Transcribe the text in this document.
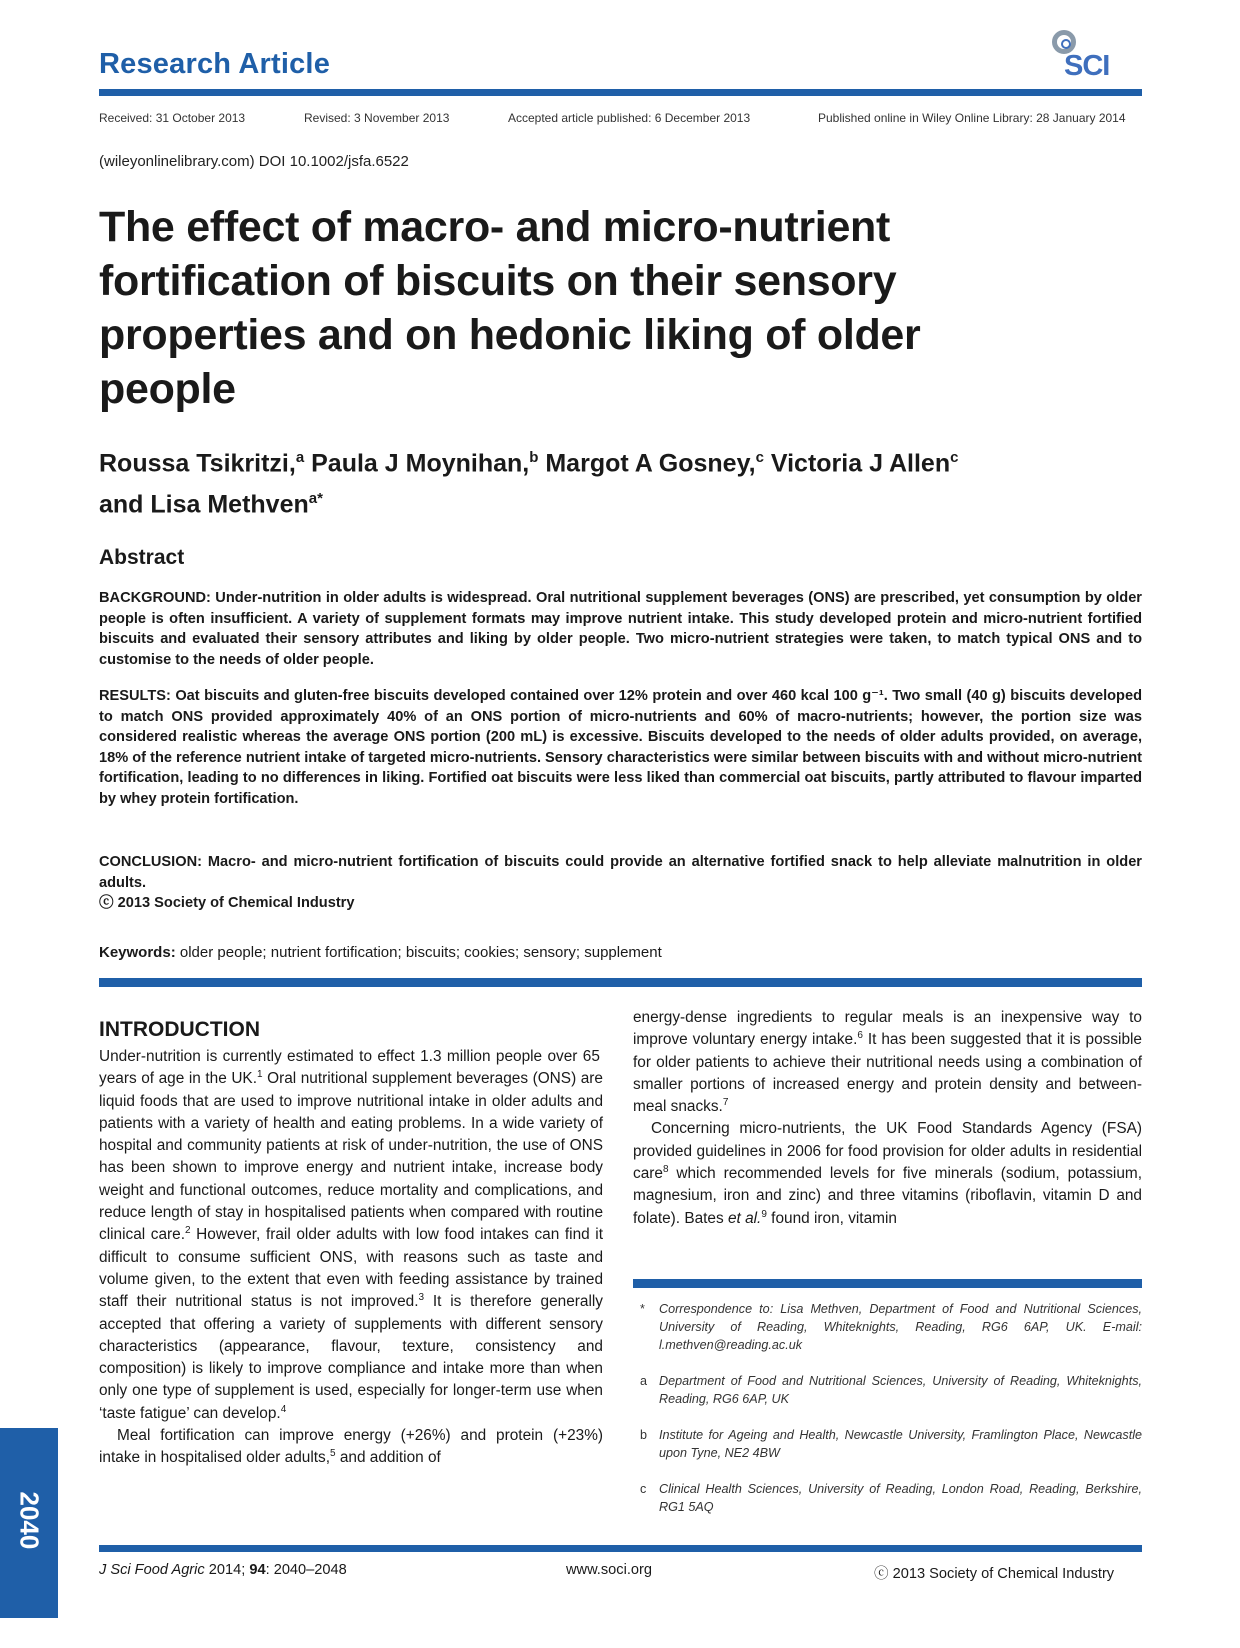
Research Article	SCI
Received: 31 October 2013	Revised: 3 November 2013	Accepted article published: 6 December 2013	Published online in Wiley Online Library: 28 January 2014
(wileyonlinelibrary.com) DOI 10.1002/jsfa.6522
The effect of macro- and micro-nutrient fortification of biscuits on their sensory properties and on hedonic liking of older people
Roussa Tsikritzi,$^a$ Paula J Moynihan,$^b$ Margot A Gosney,$^c$ Victoria J Allen$^c$
and Lisa Methven$^{a*}$
Abstract

BACKGROUND: Under-nutrition in older adults is widespread. Oral nutritional supplement beverages (ONS) are prescribed, yet consumption by older people is often insufficient. A variety of supplement formats may improve nutrient intake. This study developed protein and micro-nutrient fortified biscuits and evaluated their sensory attributes and liking by older people. Two micro-nutrient strategies were taken, to match typical ONS and to customise to the needs of older people.

RESULTS: Oat biscuits and gluten-free biscuits developed contained over 12% protein and over 460 kcal 100 g⁻¹. Two small (40 g) biscuits developed to match ONS provided approximately 40% of an ONS portion of micro-nutrients and 60% of macro-nutrients; however, the portion size was considered realistic whereas the average ONS portion (200 mL) is excessive. Biscuits developed to the needs of older adults provided, on average, 18% of the reference nutrient intake of targeted micro-nutrients. Sensory characteristics were similar between biscuits with and without micro-nutrient fortification, leading to no differences in liking. Fortified oat biscuits were less liked than commercial oat biscuits, partly attributed to flavour imparted by whey protein fortification.

CONCLUSION: Macro- and micro-nutrient fortification of biscuits could provide an alternative fortified snack to help alleviate malnutrition in older adults.
ⓒ 2013 Society of Chemical Industry
Keywords: older people; nutrient fortification; biscuits; cookies; sensory; supplement
INTRODUCTION

Under-nutrition is currently estimated to effect 1.3 million people over 65 years of age in the UK.$^1$ Oral nutritional supplement beverages (ONS) are liquid foods that are used to improve nutritional intake in older adults and patients with a variety of health and eating problems. In a wide variety of hospital and community patients at risk of under-nutrition, the use of ONS has been shown to improve energy and nutrient intake, increase body weight and functional outcomes, reduce mortality and complications, and reduce length of stay in hospitalised patients when compared with routine clinical care.$^2$ However, frail older adults with low food intakes can find it difficult to consume sufficient ONS, with reasons such as taste and volume given, to the extent that even with feeding assistance by trained staff their nutritional status is not improved.$^3$ It is therefore generally accepted that offering a variety of supplements with different sensory characteristics (appearance, flavour, texture, consistency and composition) is likely to improve compliance and intake more than when only one type of supplement is used, especially for longer-term use when ‘taste fatigue’ can develop.$^4$

Meal fortification can improve energy (+26%) and protein (+23%) intake in hospitalised older adults,$^5$ and addition of

energy-dense ingredients to regular meals is an inexpensive way to improve voluntary energy intake.$^6$ It has been suggested that it is possible for older patients to achieve their nutritional needs using a combination of smaller portions of increased energy and protein density and between-meal snacks.$^7$

Concerning micro-nutrients, the UK Food Standards Agency (FSA) provided guidelines in 2006 for food provision for older adults in residential care$^8$ which recommended levels for five minerals (sodium, potassium, magnesium, iron and zinc) and three vitamins (riboflavin, vitamin D and folate). Bates et al.$^9$ found iron, vitamin

* Correspondence to: Lisa Methven, Department of Food and Nutritional Sciences, University of Reading, Whiteknights, Reading, RG6 6AP, UK. E-mail: l.methven@reading.ac.uk
a Department of Food and Nutritional Sciences, University of Reading, Whiteknights, Reading, RG6 6AP, UK
b Institute for Ageing and Health, Newcastle University, Framlington Place, Newcastle upon Tyne, NE2 4BW
c Clinical Health Sciences, University of Reading, London Road, Reading, Berkshire, RG1 5AQ
2040
J Sci Food Agric 2014; 94: 2040–2048	www.soci.org	ⓒ 2013 Society of Chemical Industry
